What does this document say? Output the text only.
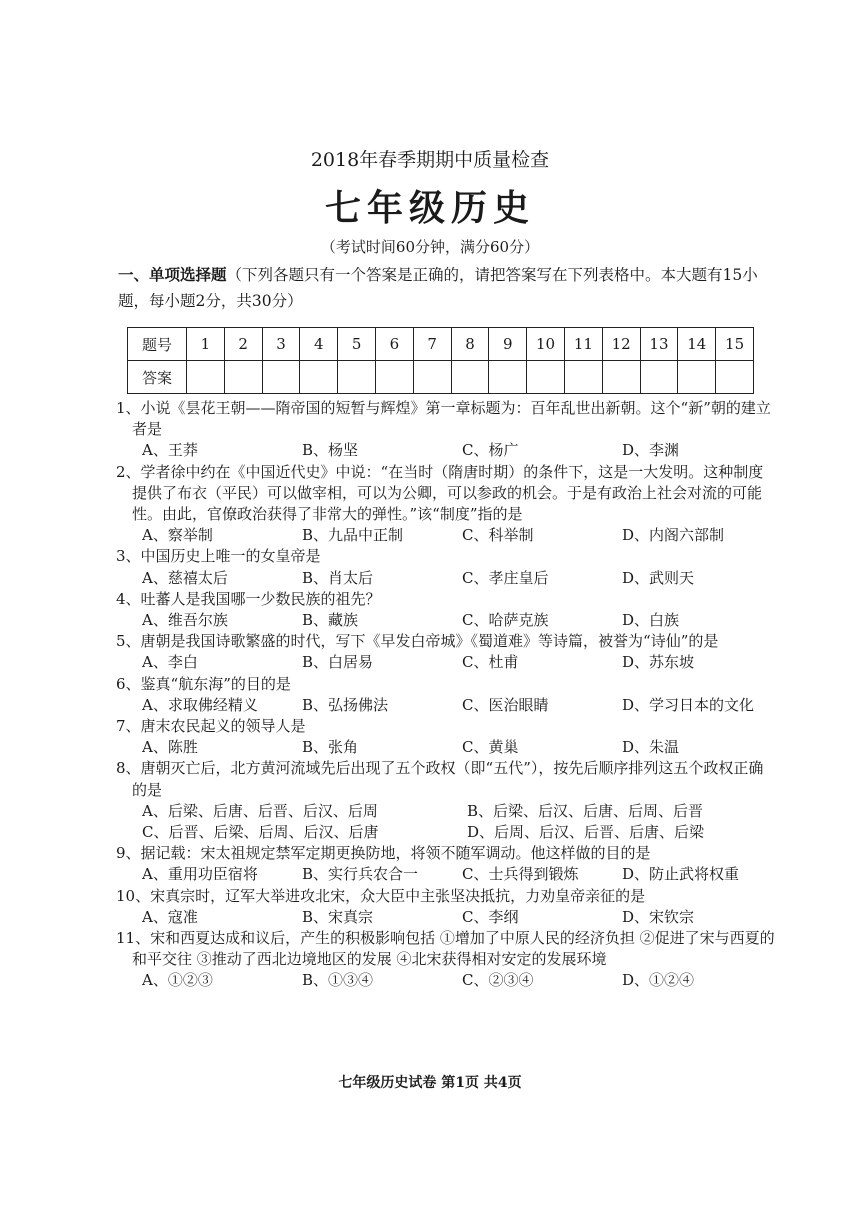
2018年春季期期中质量检查
七年级历史
（考试时间60分钟，满分60分）
一、单项选择题（下列各题只有一个答案是正确的，请把答案写在下列表格中。本大题有15小题，每小题2分，共30分）
题号	1	2	3	4	5	6	7	8	9	10	11	12	13	14	15
答案															
1、小说《昙花王朝——隋帝国的短暂与辉煌》第一章标题为：百年乱世出新朝。这个“新”朝的建立者是
A、王莽	B、杨坚	C、杨广	D、李渊
2、学者徐中约在《中国近代史》中说：“在当时（隋唐时期）的条件下，这是一大发明。这种制度提供了布衣（平民）可以做宰相，可以为公卿，可以参政的机会。于是有政治上社会对流的可能性。由此，官僚政治获得了非常大的弹性。”该“制度”指的是
A、察举制	B、九品中正制	C、科举制	D、内阁六部制
3、中国历史上唯一的女皇帝是
A、慈禧太后	B、肖太后	C、孝庄皇后	D、武则天
4、吐蕃人是我国哪一少数民族的祖先？
A、维吾尔族	B、藏族	C、哈萨克族	D、白族
5、唐朝是我国诗歌繁盛的时代，写下《早发白帝城》《蜀道难》等诗篇，被誉为“诗仙”的是
A、李白	B、白居易	C、杜甫	D、苏东坡
6、鉴真“航东海”的目的是
A、求取佛经精义	B、弘扬佛法	C、医治眼睛	D、学习日本的文化
7、唐末农民起义的领导人是
A、陈胜	B、张角	C、黄巢	D、朱温
8、唐朝灭亡后，北方黄河流域先后出现了五个政权（即“五代”），按先后顺序排列这五个政权正确的是
A、后梁、后唐、后晋、后汉、后周	B、后梁、后汉、后唐、后周、后晋
C、后晋、后梁、后周、后汉、后唐	D、后周、后汉、后晋、后唐、后梁
9、据记载：宋太祖规定禁军定期更换防地，将领不随军调动。他这样做的目的是
A、重用功臣宿将	B、实行兵农合一	C、士兵得到锻炼	D、防止武将权重
10、宋真宗时，辽军大举进攻北宋，众大臣中主张坚决抵抗，力劝皇帝亲征的是
A、寇准	B、宋真宗	C、李纲	D、宋钦宗
11、宋和西夏达成和议后，产生的积极影响包括 ①增加了中原人民的经济负担 ②促进了宋与西夏的和平交往 ③推动了西北边境地区的发展 ④北宋获得相对安定的发展环境
A、①②③	B、①③④	C、②③④	D、①②④
七年级历史试卷 第1页 共4页
